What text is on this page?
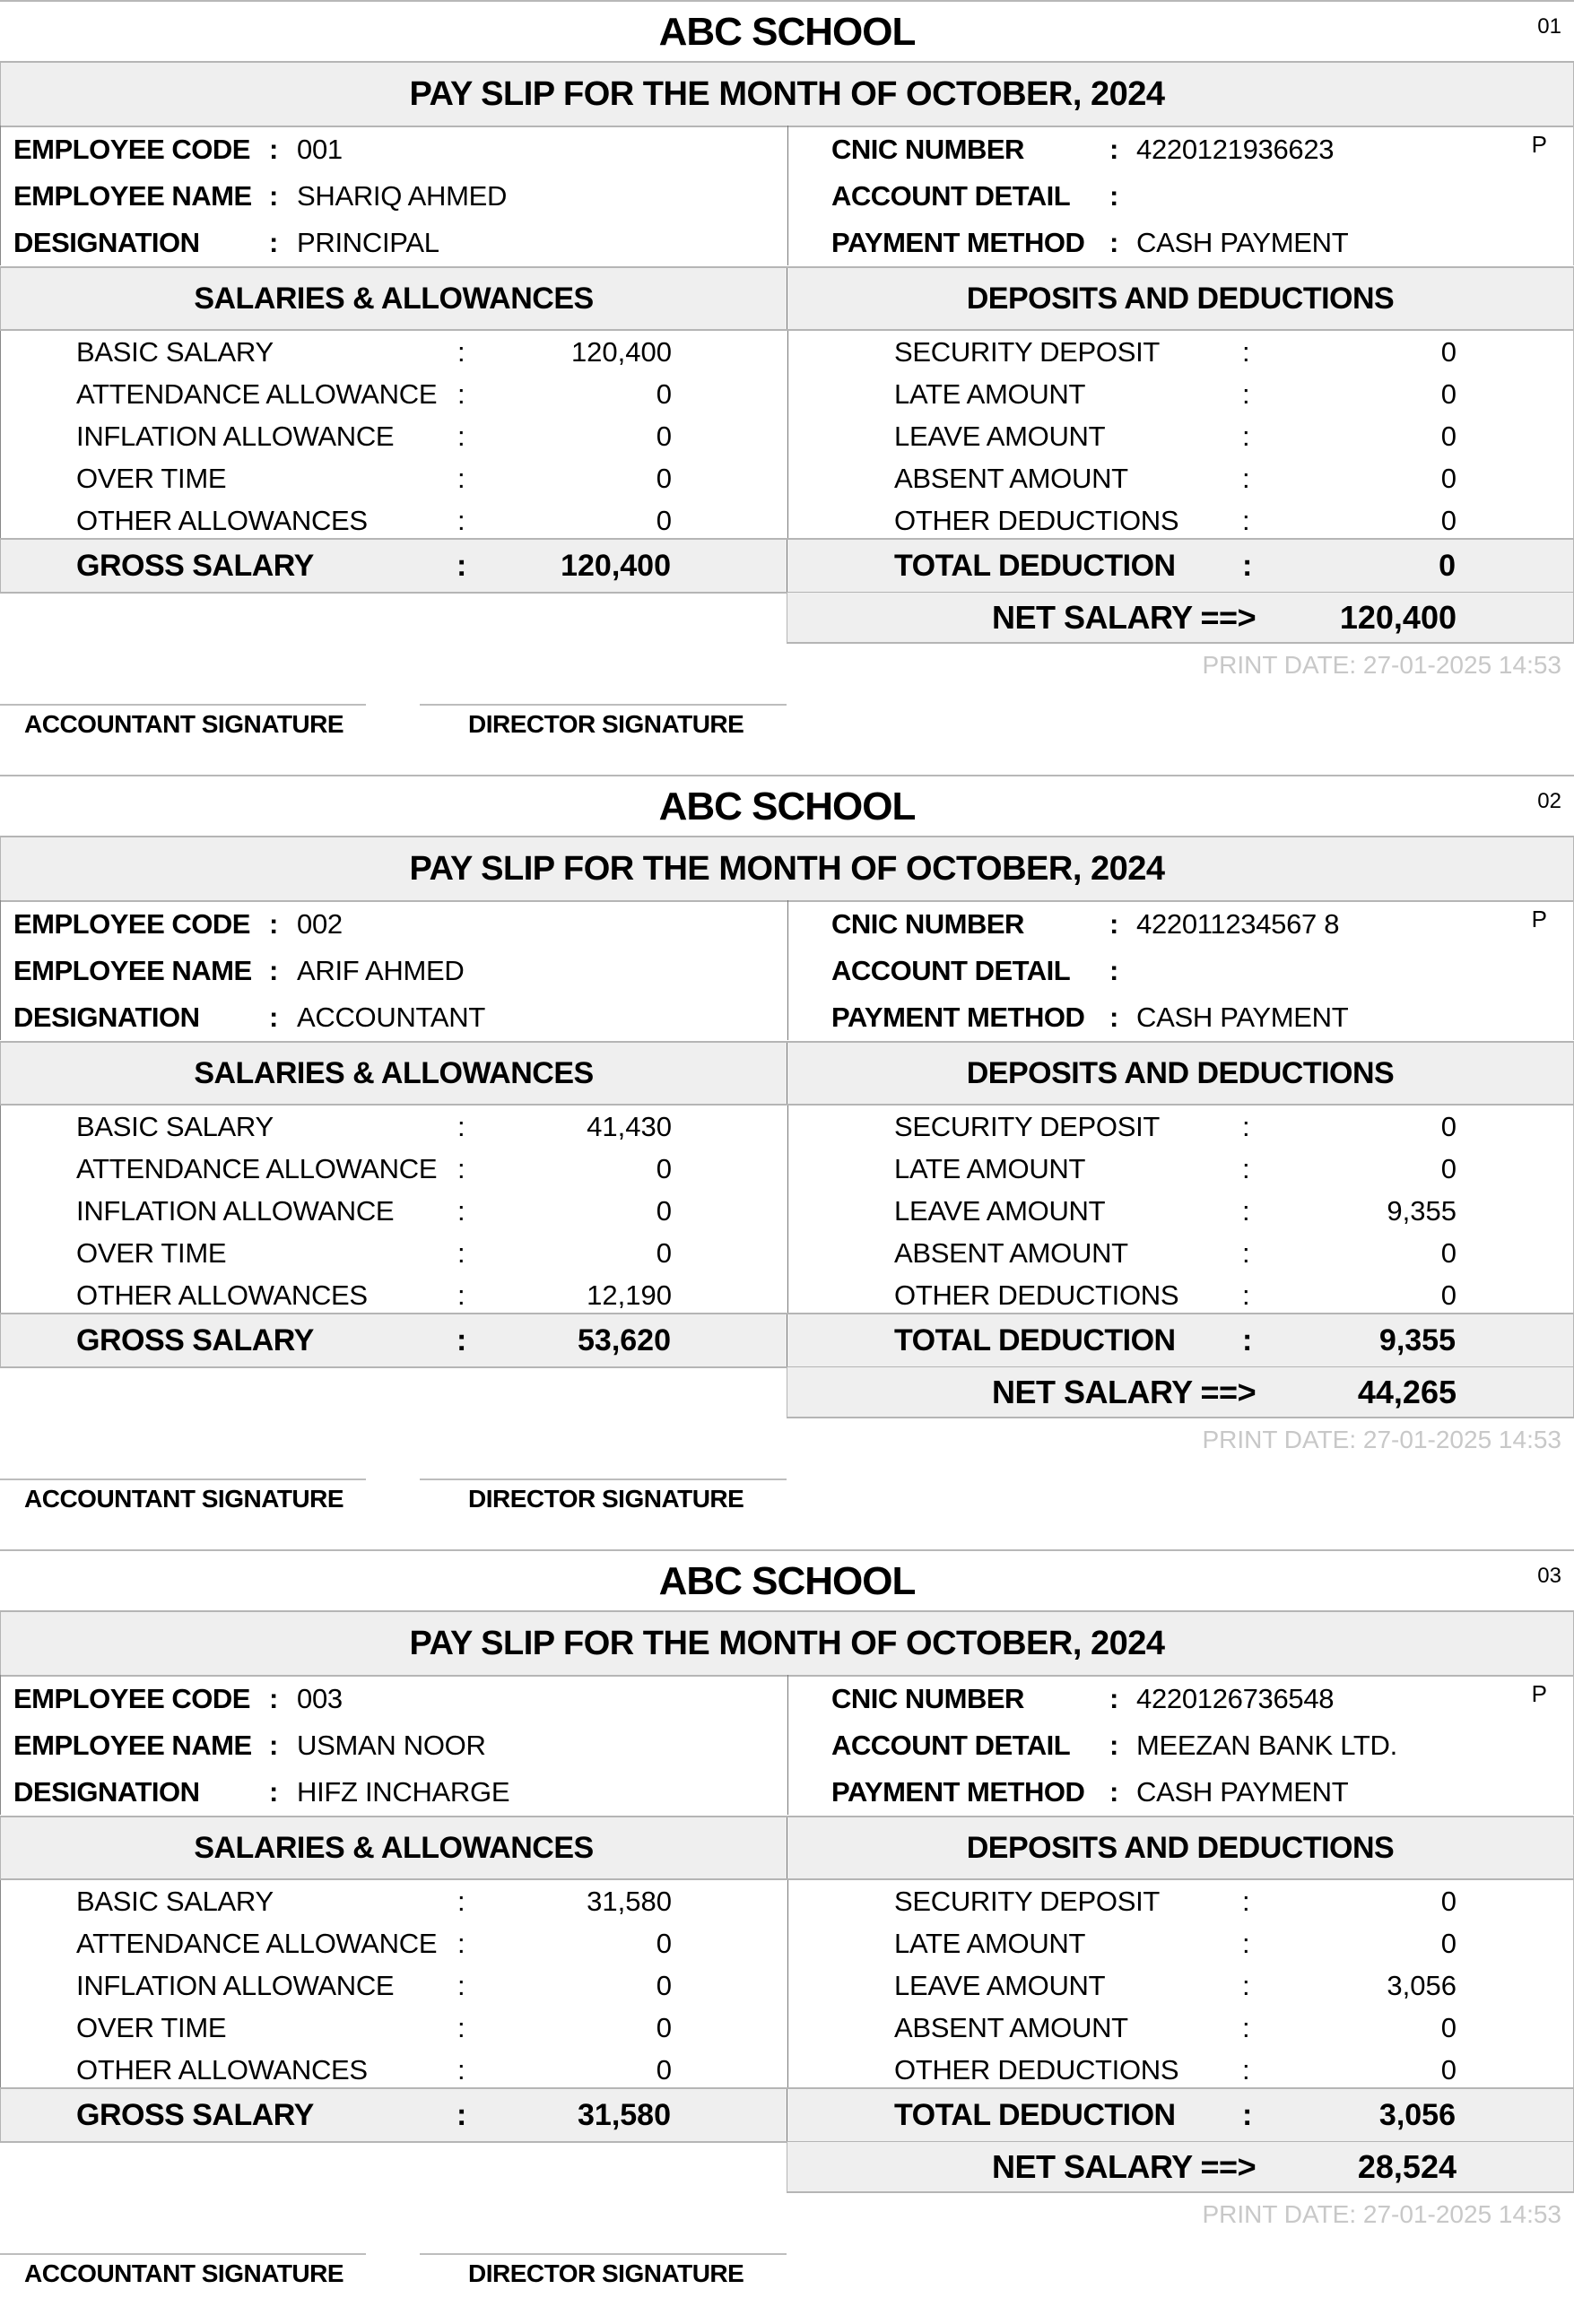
ABC SCHOOL	01
PAY SLIP FOR THE MONTH OF OCTOBER, 2024
EMPLOYEE CODE : 001
EMPLOYEE NAME : SHARIQ AHMED
DESIGNATION	: PRINCIPAL
CNIC NUMBER	: 4220121936623
ACCOUNT DETAIL :
PAYMENT METHOD : CASH PAYMENT
P
SALARIES & ALLOWANCES	DEPOSITS AND DEDUCTIONS
BASIC SALARY	:	120,400
ATTENDANCE ALLOWANCE :	0
INFLATION ALLOWANCE :	0
OVER TIME	:	0
OTHER ALLOWANCES	:	0
SECURITY DEPOSIT	:	0
LATE AMOUNT	:	0
LEAVE AMOUNT	:	0
ABSENT AMOUNT	:	0
OTHER DEDUCTIONS :	0
GROSS SALARY	:	120,400	TOTAL DEDUCTION :	0
NET SALARY ==>	120,400
PRINT DATE: 27-01-2025 14:53
ACCOUNTANT SIGNATURE	DIRECTOR SIGNATURE
ABC SCHOOL	02
PAY SLIP FOR THE MONTH OF OCTOBER, 2024
EMPLOYEE CODE : 002
EMPLOYEE NAME : ARIF AHMED
DESIGNATION	: ACCOUNTANT
CNIC NUMBER	: 422011234567 8
ACCOUNT DETAIL :
PAYMENT METHOD : CASH PAYMENT
P
SALARIES & ALLOWANCES	DEPOSITS AND DEDUCTIONS
BASIC SALARY	:	41,430
ATTENDANCE ALLOWANCE :	0
INFLATION ALLOWANCE :	0
OVER TIME	:	0
OTHER ALLOWANCES	:	12,190
SECURITY DEPOSIT	:	0
LATE AMOUNT	:	0
LEAVE AMOUNT	:	9,355
ABSENT AMOUNT	:	0
OTHER DEDUCTIONS :	0
GROSS SALARY	:	53,620	TOTAL DEDUCTION :	9,355
NET SALARY ==>	44,265
PRINT DATE: 27-01-2025 14:53
ACCOUNTANT SIGNATURE	DIRECTOR SIGNATURE
ABC SCHOOL	03
PAY SLIP FOR THE MONTH OF OCTOBER, 2024
EMPLOYEE CODE : 003
EMPLOYEE NAME : USMAN NOOR
DESIGNATION	: HIFZ INCHARGE
CNIC NUMBER	: 4220126736548
ACCOUNT DETAIL : MEEZAN BANK LTD.
PAYMENT METHOD : CASH PAYMENT
P
SALARIES & ALLOWANCES	DEPOSITS AND DEDUCTIONS
BASIC SALARY	:	31,580
ATTENDANCE ALLOWANCE :	0
INFLATION ALLOWANCE :	0
OVER TIME	:	0
OTHER ALLOWANCES	:	0
SECURITY DEPOSIT	:	0
LATE AMOUNT	:	0
LEAVE AMOUNT	:	3,056
ABSENT AMOUNT	:	0
OTHER DEDUCTIONS :	0
GROSS SALARY	:	31,580	TOTAL DEDUCTION :	3,056
NET SALARY ==>	28,524
PRINT DATE: 27-01-2025 14:53
ACCOUNTANT SIGNATURE	DIRECTOR SIGNATURE
